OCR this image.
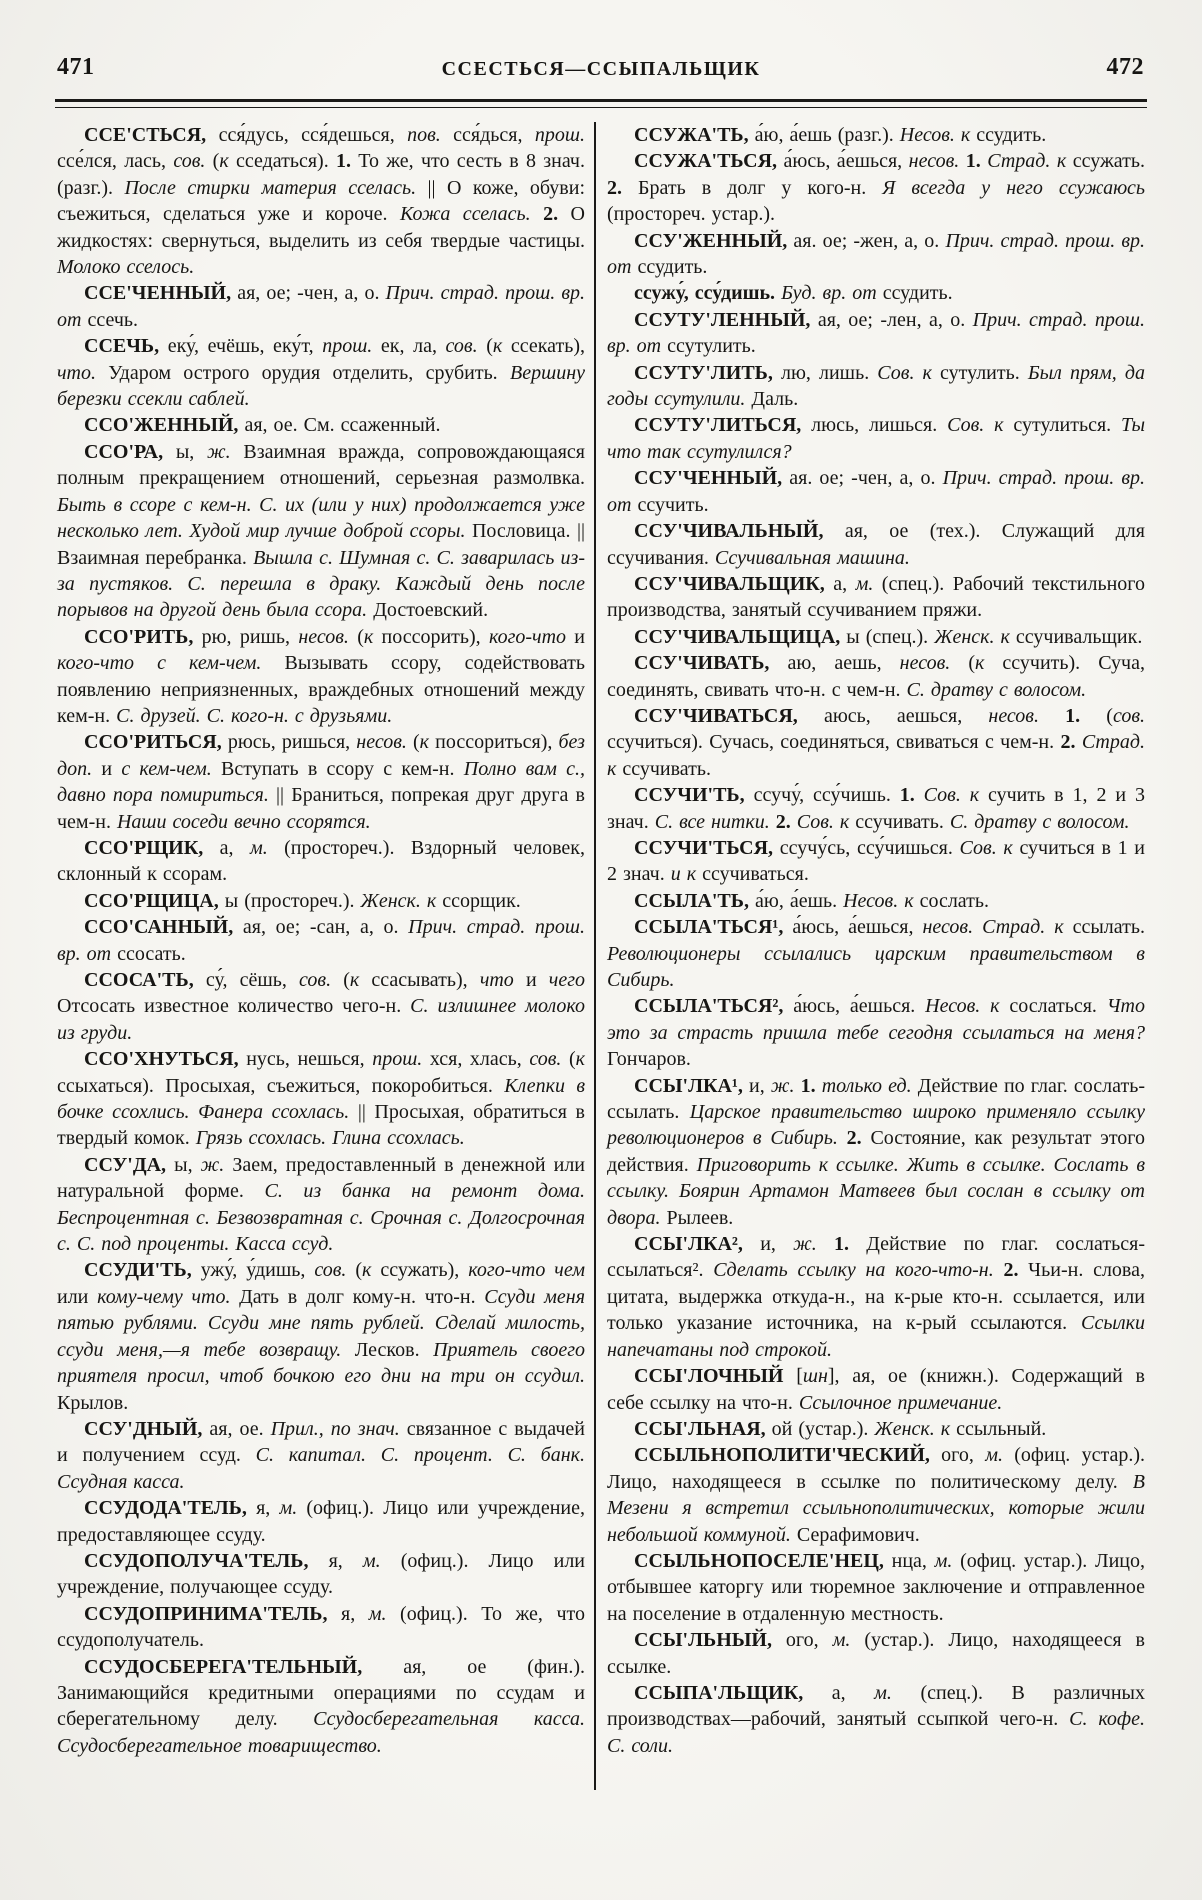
471	ССЕСТЬСЯ—ССЫПАЛЬЩИК	472

ССЕ'СТЬСЯ, сся́дусь, сся́дешься, пов. сся́дься, прош. ссе́лся, лась, сов. (к сседаться). 1. То же, что сесть в 8 знач. (разг.). После стирки материя сселась. || О коже, обуви: съежиться, сделаться уже и короче. Кожа сселась. 2. О жидкостях: свернуться, выделить из себя твердые частицы. Молоко сселось.

ССЕ'ЧЕННЫЙ, ая, ое; -чен, а, о. Прич. страд. прош. вр. от ссечь.

ССЕЧЬ, еку́, ечёшь, еку́т, прош. ек, ла, сов. (к ссекать), что. Ударом острого орудия отделить, срубить. Вершину березки ссекли саблей.

ССО'ЖЕННЫЙ, ая, ое. См. ссаженный.

ССО'РА, ы, ж. Взаимная вражда, сопровождающаяся полным прекращением отношений, серьезная размолвка. Быть в ссоре с кем-н. С. их (или у них) продолжается уже несколько лет. Худой мир лучше доброй ссоры. Пословица. || Взаимная перебранка. Вышла с. Шумная с. С. заварилась из-за пустяков. С. перешла в драку. Каждый день после порывов на другой день была ссора. Достоевский.

ССО'РИТЬ, рю, ришь, несов. (к поссорить), кого-что и кого-что с кем-чем. Вызывать ссору, содействовать появлению неприязненных, враждебных отношений между кем-н. С. друзей. С. кого-н. с друзьями.

ССО'РИТЬСЯ, рюсь, ришься, несов. (к поссориться), без доп. и с кем-чем. Вступать в ссору с кем-н. Полно вам с., давно пора помириться. || Браниться, попрекая друг друга в чем-н. Наши соседи вечно ссорятся.

ССО'РЩИК, а, м. (простореч.). Вздорный человек, склонный к ссорам.

ССО'РЩИЦА, ы (простореч.). Женск. к ссорщик.

ССО'САННЫЙ, ая, ое; -сан, а, о. Прич. страд. прош. вр. от ссосать.

ССОСА'ТЬ, су́, сёшь, сов. (к ссасывать), что и чего Отсосать известное количество чего-н. С. излишнее молоко из груди.

ССО'ХНУТЬСЯ, нусь, нешься, прош. хся, хлась, сов. (к ссыхаться). Просыхая, съежиться, покоробиться. Клепки в бочке ссохлись. Фанера ссохлась. || Просыхая, обратиться в твердый комок. Грязь ссохлась. Глина ссохлась.

ССУ'ДА, ы, ж. Заем, предоставленный в денежной или натуральной форме. С. из банка на ремонт дома. Беспроцентная с. Безвозвратная с. Срочная с. Долгосрочная с. С. под проценты. Касса ссуд.

ССУДИ'ТЬ, ужу́, у́дишь, сов. (к ссужать), кого-что чем или кому-чему что. Дать в долг кому-н. что-н. Ссуди меня пятью рублями. Ссуди мне пять рублей. Сделай милость, ссуди меня,—я тебе возвращу. Лесков. Приятель своего приятеля просил, чтоб бочкою его дни на три он ссудил. Крылов.

ССУ'ДНЫЙ, ая, ое. Прил., по знач. связанное с выдачей и получением ссуд. С. капитал. С. процент. С. банк. Ссудная касса.

ССУДОДА'ТЕЛЬ, я, м. (офиц.). Лицо или учреждение, предоставляющее ссуду.

ССУДОПОЛУЧА'ТЕЛЬ, я, м. (офиц.). Лицо или учреждение, получающее ссуду.

ССУДОПРИНИМА'ТЕЛЬ, я, м. (офиц.). То же, что ссудополучатель.

ССУДОСБЕРЕГА'ТЕЛЬНЫЙ, ая, ое (фин.). Занимающийся кредитными операциями по ссудам и сберегательному делу. Ссудосберегательная касса. Ссудосберегательное товарищество.

ССУЖА'ТЬ, а́ю, а́ешь (разг.). Несов. к ссудить.

ССУЖА'ТЬСЯ, а́юсь, а́ешься, несов. 1. Страд. к ссужать. 2. Брать в долг у кого-н. Я всегда у него ссужаюсь (простореч. устар.).

ССУ'ЖЕННЫЙ, ая. ое; -жен, а, о. Прич. страд. прош. вр. от ссудить.

ссужу́, ссу́дишь. Буд. вр. от ссудить.

ССУТУ'ЛЕННЫЙ, ая, ое; -лен, а, о. Прич. страд. прош. вр. от ссутулить.

ССУТУ'ЛИТЬ, лю, лишь. Сов. к сутулить. Был прям, да годы ссутулили. Даль.

ССУТУ'ЛИТЬСЯ, люсь, лишься. Сов. к сутулиться. Ты что так ссутулился?

ССУ'ЧЕННЫЙ, ая. ое; -чен, а, о. Прич. страд. прош. вр. от ссучить.

ССУ'ЧИВАЛЬНЫЙ, ая, ое (тех.). Служащий для ссучивания. Ссучивальная машина.

ССУ'ЧИВАЛЬЩИК, а, м. (спец.). Рабочий текстильного производства, занятый ссучиванием пряжи.

ССУ'ЧИВАЛЬЩИЦА, ы (спец.). Женск. к ссучивальщик.

ССУ'ЧИВАТЬ, аю, аешь, несов. (к ссучить). Суча, соединять, свивать что-н. с чем-н. С. дратву с волосом.

ССУ'ЧИВАТЬСЯ, аюсь, аешься, несов. 1. (сов. ссучиться). Сучась, соединяться, свиваться с чем-н. 2. Страд. к ссучивать.

ССУЧИ'ТЬ, ссучу́, ссу́чишь. 1. Сов. к сучить в 1, 2 и 3 знач. С. все нитки. 2. Сов. к ссучивать. С. дратву с волосом.

ССУЧИ'ТЬСЯ, ссучу́сь, ссу́чишься. Сов. к сучиться в 1 и 2 знач. и к ссучиваться.

ССЫЛА'ТЬ, а́ю, а́ешь. Несов. к сослать.

ССЫЛА'ТЬСЯ¹, а́юсь, а́ешься, несов. Страд. к ссылать. Революционеры ссылались царским правительством в Сибирь.

ССЫЛА'ТЬСЯ², а́юсь, а́ешься. Несов. к сослаться. Что это за страсть пришла тебе сегодня ссылаться на меня? Гончаров.

ССЫ'ЛКА¹, и, ж. 1. только ед. Действие по глаг. сослать-ссылать. Царское правительство широко применяло ссылку революционеров в Сибирь. 2. Состояние, как результат этого действия. Приговорить к ссылке. Жить в ссылке. Сослать в ссылку. Боярин Артамон Матвеев был сослан в ссылку от двора. Рылеев.

ССЫ'ЛКА², и, ж. 1. Действие по глаг. сослаться-ссылаться². Сделать ссылку на кого-что-н. 2. Чьи-н. слова, цитата, выдержка откуда-н., на к-рые кто-н. ссылается, или только указание источника, на к-рый ссылаются. Ссылки напечатаны под строкой.

ССЫ'ЛОЧНЫЙ [шн], ая, ое (книжн.). Содержащий в себе ссылку на что-н. Ссылочное примечание.

ССЫ'ЛЬНАЯ, ой (устар.). Женск. к ссыльный.

ССЫЛЬНОПОЛИТИ'ЧЕСКИЙ, ого, м. (офиц. устар.). Лицо, находящееся в ссылке по политическому делу. В Мезени я встретил ссыльнополитических, которые жили небольшой коммуной. Серафимович.

ССЫЛЬНОПОСЕЛЕ'НЕЦ, нца, м. (офиц. устар.). Лицо, отбывшее каторгу или тюремное заключение и отправленное на поселение в отдаленную местность.

ССЫ'ЛЬНЫЙ, ого, м. (устар.). Лицо, находящееся в ссылке.

ССЫПА'ЛЬЩИК, а, м. (спец.). В различных производствах—рабочий, занятый ссыпкой чего-н. С. кофе. С. соли.
